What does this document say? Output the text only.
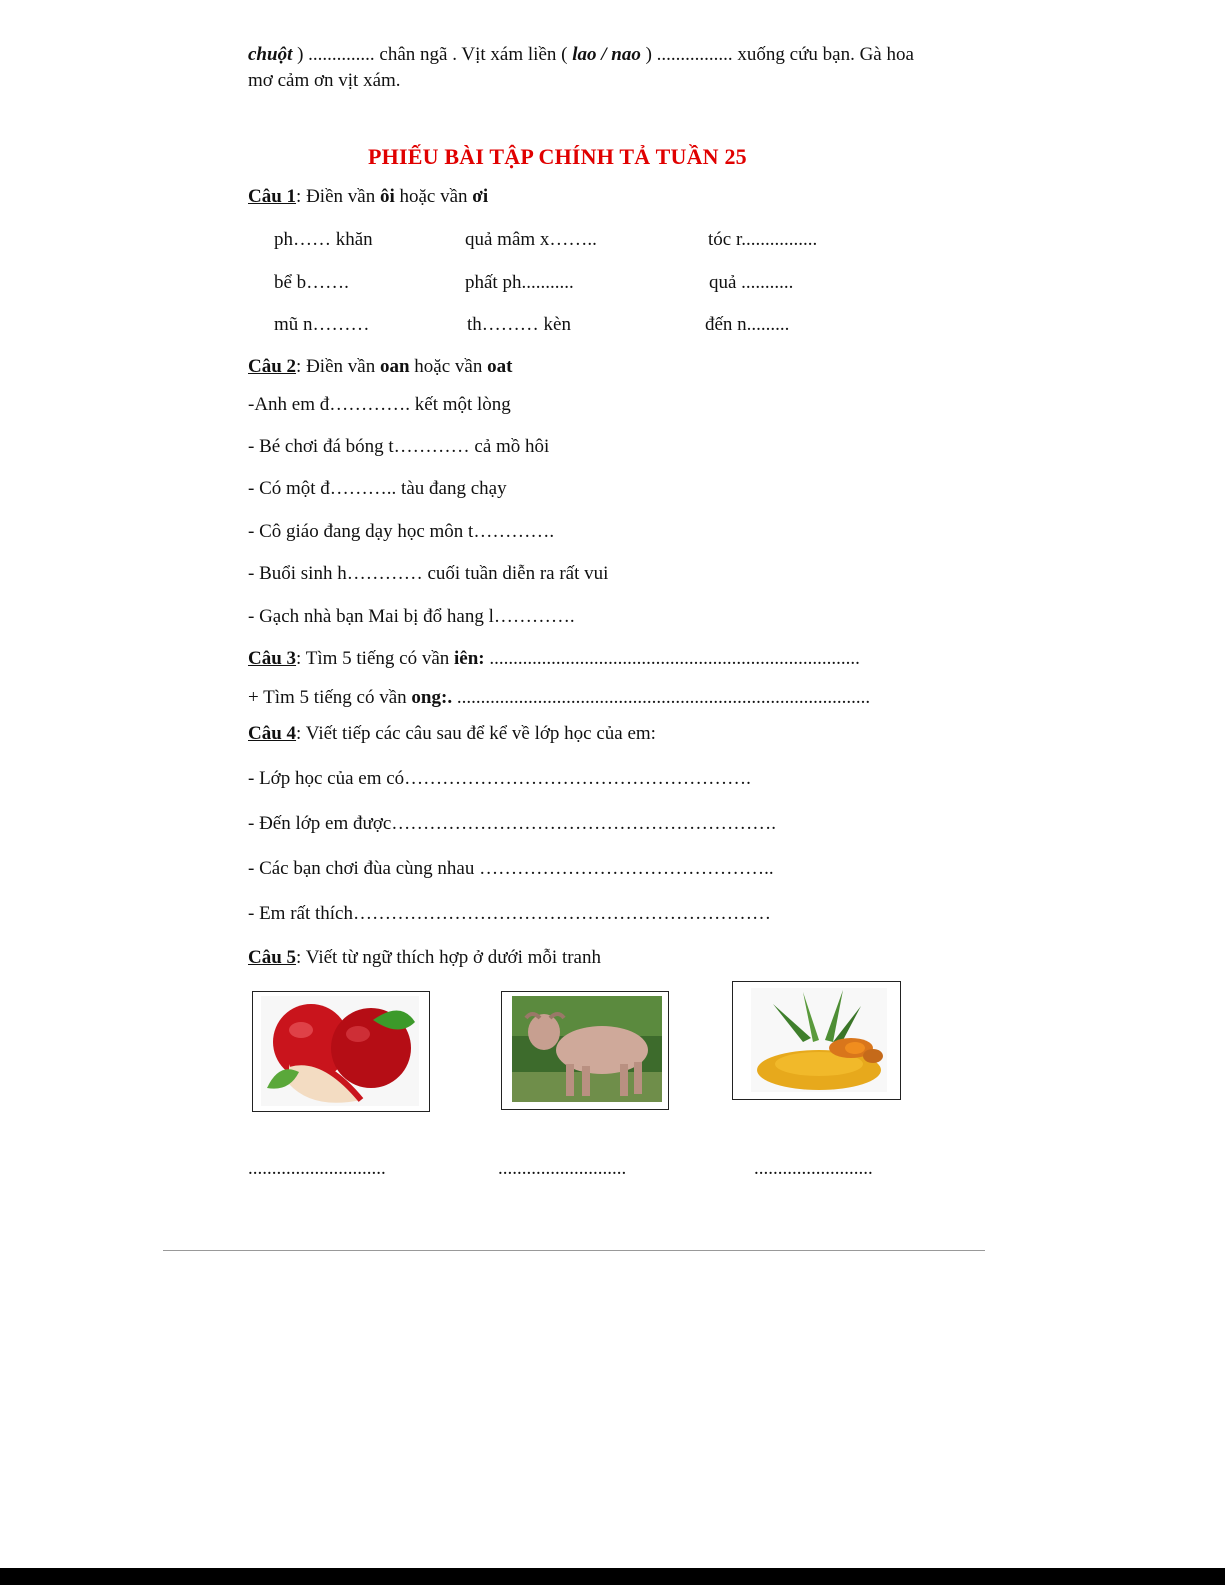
chuột ) .............. chân ngã . Vịt xám liền ( lao / nao ) ................ xuống cứu bạn. Gà hoa
mơ cảm ơn vịt xám.
PHIẾU BÀI TẬP CHÍNH TẢ TUẦN 25
Câu 1: Điền vần ôi hoặc vần ơi
ph…… khăn	quả mâm x……..	tóc r................
bể b…….	phất ph...........	quả ...........
mũ n………	th……… kèn	đến n.........
Câu 2: Điền vần oan hoặc vần oat
-Anh em đ…………. kết một lòng
- Bé chơi đá bóng t………… cả mồ hôi
- Có một đ……….. tàu đang chạy
- Cô giáo đang dạy học môn t………….
- Buổi sinh h………… cuối tuần diễn ra rất vui
- Gạch nhà bạn Mai bị đổ hang l………….
Câu 3: Tìm 5 tiếng có vần iên: ..............................................................................
+ Tìm 5 tiếng có vần ong:. .......................................................................................
Câu 4: Viết tiếp các câu sau để kể về lớp học của em:
- Lớp học của em có……………………………………………….
- Đến lớp em được…………………………………………………….
- Các bạn chơi đùa cùng nhau ………………………………………..
- Em rất thích…………………………………………………………
Câu 5: Viết từ ngữ thích hợp ở dưới mỗi tranh
.............................	...........................	.........................
